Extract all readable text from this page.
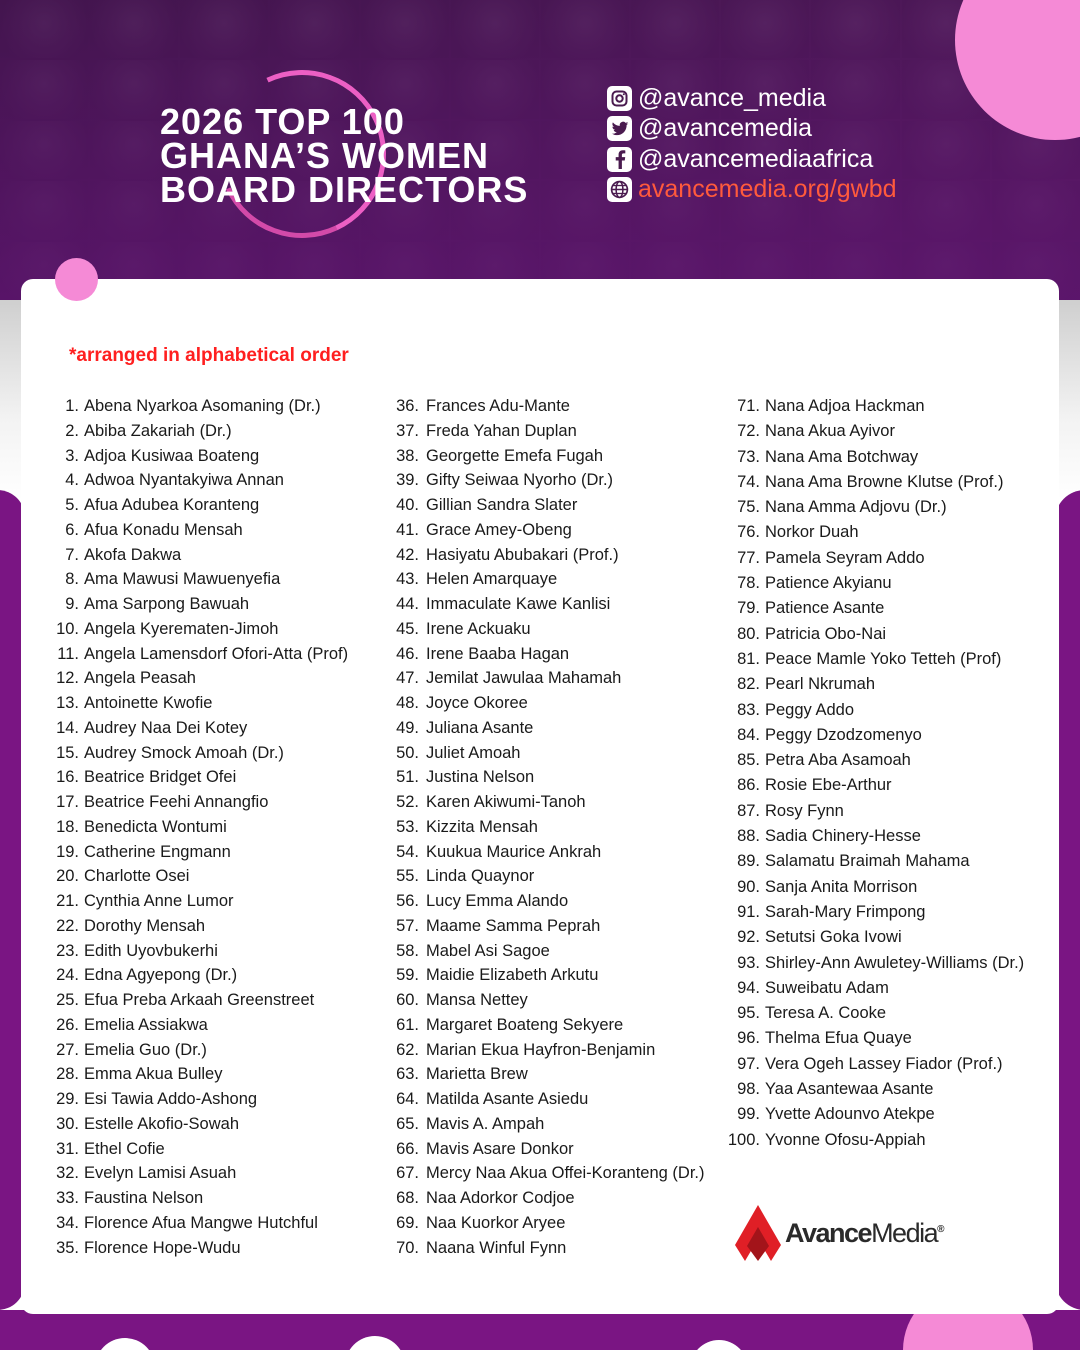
2026 TOP 100
GHANA’S WOMEN
BOARD DIRECTORS
@avance_media
@avancemedia
@avancemediaafrica
avancemedia.org/gwbd
*arranged in alphabetical order
1. Abena Nyarkoa Asomaning (Dr.)
2. Abiba Zakariah (Dr.)
3. Adjoa Kusiwaa Boateng
4. Adwoa Nyantakyiwa Annan
5. Afua Adubea Koranteng
6. Afua Konadu Mensah
7. Akofa Dakwa
8. Ama Mawusi Mawuenyefia
9. Ama Sarpong Bawuah
10. Angela Kyerematen-Jimoh
11. Angela Lamensdorf Ofori-Atta (Prof)
12. Angela Peasah
13. Antoinette Kwofie
14. Audrey Naa Dei Kotey
15. Audrey Smock Amoah (Dr.)
16. Beatrice Bridget Ofei
17. Beatrice Feehi Annangfio
18. Benedicta Wontumi
19. Catherine Engmann
20. Charlotte Osei
21. Cynthia Anne Lumor
22. Dorothy Mensah
23. Edith Uyovbukerhi
24. Edna Agyepong (Dr.)
25. Efua Preba Arkaah Greenstreet
26. Emelia Assiakwa
27. Emelia Guo (Dr.)
28. Emma Akua Bulley
29. Esi Tawia Addo-Ashong
30. Estelle Akofio-Sowah
31. Ethel Cofie
32. Evelyn Lamisi Asuah
33. Faustina Nelson
34. Florence Afua Mangwe Hutchful
35. Florence Hope-Wudu
36. Frances Adu-Mante
37. Freda Yahan Duplan
38. Georgette Emefa Fugah
39. Gifty Seiwaa Nyorho (Dr.)
40. Gillian Sandra Slater
41. Grace Amey-Obeng
42. Hasiyatu Abubakari (Prof.)
43. Helen Amarquaye
44. Immaculate Kawe Kanlisi
45. Irene Ackuaku
46. Irene Baaba Hagan
47. Jemilat Jawulaa Mahamah
48. Joyce Okoree
49. Juliana Asante
50. Juliet Amoah
51. Justina Nelson
52. Karen Akiwumi-Tanoh
53. Kizzita Mensah
54. Kuukua Maurice Ankrah
55. Linda Quaynor
56. Lucy Emma Alando
57. Maame Samma Peprah
58. Mabel Asi Sagoe
59. Maidie Elizabeth Arkutu
60. Mansa Nettey
61. Margaret Boateng Sekyere
62. Marian Ekua Hayfron-Benjamin
63. Marietta Brew
64. Matilda Asante Asiedu
65. Mavis A. Ampah
66. Mavis Asare Donkor
67. Mercy Naa Akua Offei-Koranteng (Dr.)
68. Naa Adorkor Codjoe
69. Naa Kuorkor Aryee
70. Naana Winful Fynn
71. Nana Adjoa Hackman
72. Nana Akua Ayivor
73. Nana Ama Botchway
74. Nana Ama Browne Klutse (Prof.)
75. Nana Amma Adjovu (Dr.)
76. Norkor Duah
77. Pamela Seyram Addo
78. Patience Akyianu
79. Patience Asante
80. Patricia Obo-Nai
81. Peace Mamle Yoko Tetteh (Prof)
82. Pearl Nkrumah
83. Peggy Addo
84. Peggy Dzodzomenyo
85. Petra Aba Asamoah
86. Rosie Ebe-Arthur
87. Rosy Fynn
88. Sadia Chinery-Hesse
89. Salamatu Braimah Mahama
90. Sanja Anita Morrison
91. Sarah-Mary Frimpong
92. Setutsi Goka Ivowi
93. Shirley-Ann Awuletey-Williams (Dr.)
94. Suweibatu Adam
95. Teresa A. Cooke
96. Thelma Efua Quaye
97. Vera Ogeh Lassey Fiador (Prof.)
98. Yaa Asantewaa Asante
99. Yvette Adounvo Atekpe
100. Yvonne Ofosu-Appiah
AvanceMedia®
